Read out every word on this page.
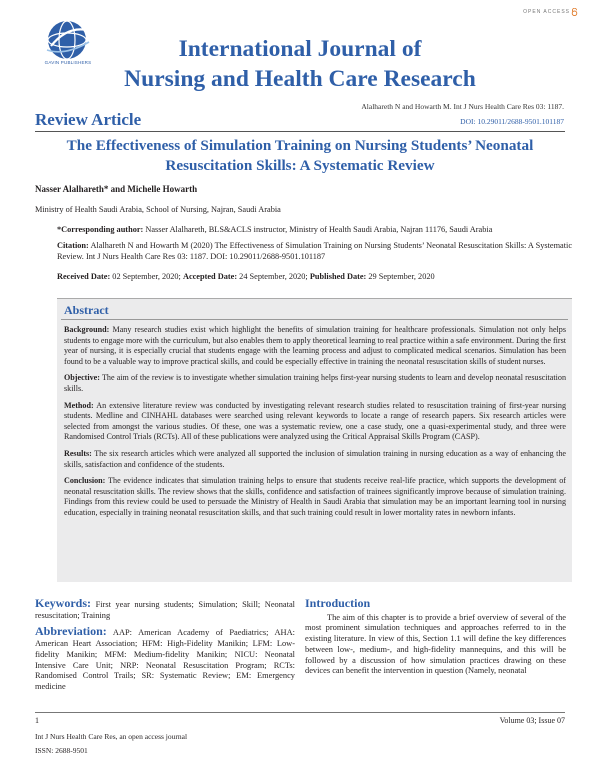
GAVIN PUBLISHERS
OPEN ACCESS
International Journal of
Nursing and Health Care Research
Alalhareth N and Howarth M. Int J Nurs Health Care Res 03: 1187.
Review Article	DOI: 10.29011/2688-9501.101187
The Effectiveness of Simulation Training on Nursing Students’ Neonatal Resuscitation Skills: A Systematic Review
Nasser Alalhareth* and Michelle Howarth
Ministry of Health Saudi Arabia, School of Nursing, Najran, Saudi Arabia
*Corresponding author: Nasser Alalhareth, BLS&ACLS instructor, Ministry of Health Saudi Arabia, Najran 11176, Saudi Arabia
Citation: Alalhareth N and Howarth M (2020) The Effectiveness of Simulation Training on Nursing Students’ Neonatal Resuscitation Skills: A Systematic Review. Int J Nurs Health Care Res 03: 1187. DOI: 10.29011/2688-9501.101187
Received Date: 02 September, 2020; Accepted Date: 24 September, 2020; Published Date: 29 September, 2020
Abstract

Background: Many research studies exist which highlight the benefits of simulation training for healthcare professionals. Simulation not only helps students to engage more with the curriculum, but also enables them to apply theoretical learning to real practice within a safe environment. During the first year of nursing, it is especially crucial that students engage with the learning process and adjust to complicated medical scenarios. Simulation has been found to be a valuable way to improve practical skills, and could be especially effective in training the neonatal resuscitation skills of student nurses.

Objective: The aim of the review is to investigate whether simulation training helps first-year nursing students to learn and develop neonatal resuscitation skills.

Method: An extensive literature review was conducted by investigating relevant research studies related to resuscitation training of first-year nursing students. Medline and CINHAHL databases were searched using relevant keywords to locate a range of research papers. Six research articles were selected from amongst the various studies. Of these, one was a systematic review, one a case study, one a quasi-experimental study, and three were Randomised Control Trials (RCTs). All of these publications were analyzed using the Critical Appraisal Skills Program (CASP).

Results: The six research articles which were analyzed all supported the inclusion of simulation training in nursing education as a way of enhancing the skills, satisfaction and confidence of the students.

Conclusion: The evidence indicates that simulation training helps to ensure that students receive real-life practice, which supports the development of neonatal resuscitation skills. The review shows that the skills, confidence and satisfaction of trainees significantly improve because of simulation training. Findings from this review could be used to persuade the Ministry of Health in Saudi Arabia that simulation may be an important learning tool in nursing education, especially in training neonatal resuscitation skills, and that such training could result in lower mortality rates in newborn infants.

Keywords: First year nursing students; Simulation; Skill; Neonatal resuscitation; Training

Abbreviation: AAP: American Academy of Paediatrics; AHA: American Heart Association; HFM: High-Fidelity Manikin; LFM: Low-fidelity Manikin; MFM: Medium-fidelity Manikin; NICU: Neonatal Intensive Care Unit; NRP: Neonatal Resuscitation Program; RCTs: Randomised Control Trails; SR: Systematic Review; EM: Emergency medicine

Introduction

The aim of this chapter is to provide a brief overview of several of the most prominent simulation techniques and approaches referred to in the existing literature. In view of this, Section 1.1 will define the key differences between low-, medium-, and high-fidelity mannequins, and this will be followed by a discussion of how simulation practices drawing on these devices can benefit the intervention in question (Namely, neonatal

1	Volume 03; Issue 07
Int J Nurs Health Care Res, an open access journal
ISSN: 2688-9501
